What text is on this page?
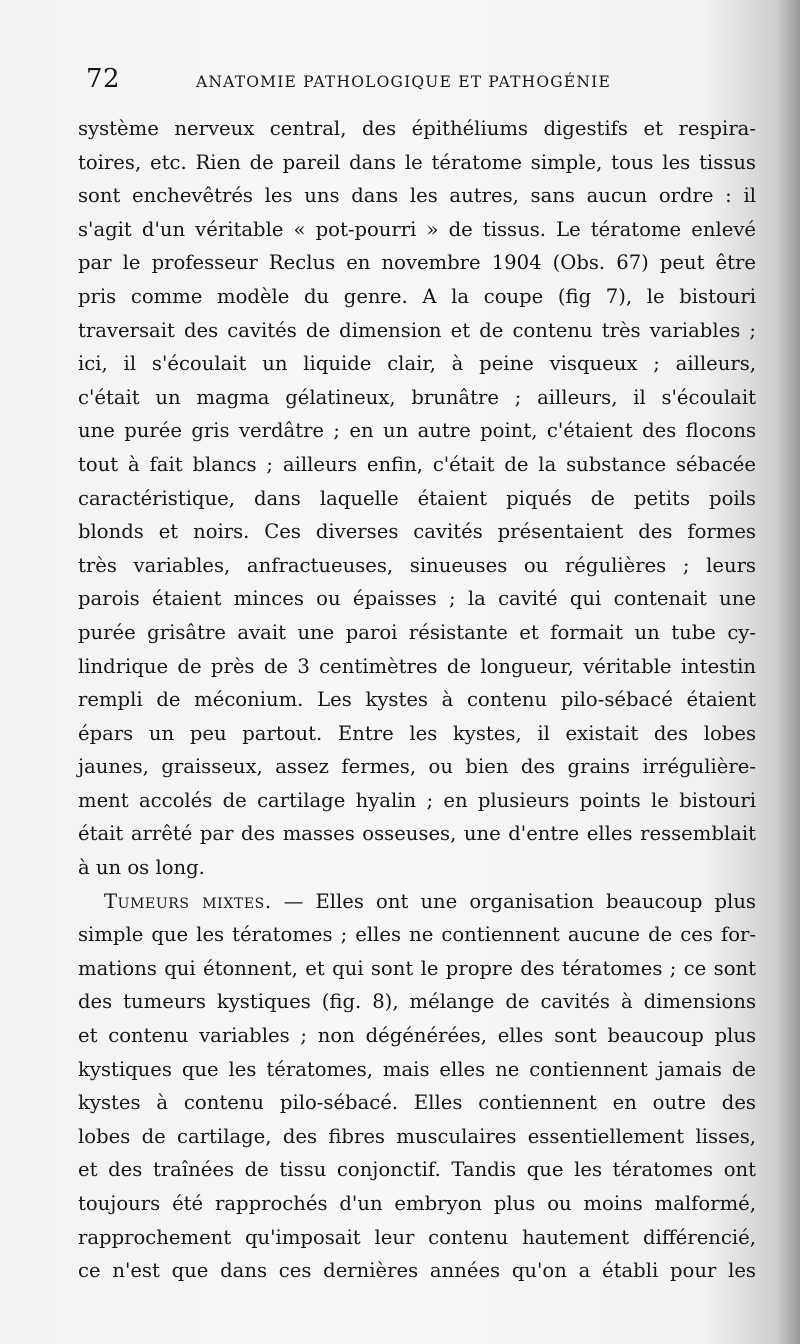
72	ANATOMIE PATHOLOGIQUE ET PATHOGÉNIE
système nerveux central, des épithéliums digestifs et respira-
toires, etc. Rien de pareil dans le tératome simple, tous les tissus
sont enchevêtrés les uns dans les autres, sans aucun ordre : il
s'agit d'un véritable « pot-pourri » de tissus. Le tératome enlevé
par le professeur Reclus en novembre 1904 (Obs. 67) peut être
pris comme modèle du genre. A la coupe (fig 7), le bistouri
traversait des cavités de dimension et de contenu très variables ;
ici, il s'écoulait un liquide clair, à peine visqueux ; ailleurs,
c'était un magma gélatineux, brunâtre ; ailleurs, il s'écoulait
une purée gris verdâtre ; en un autre point, c'étaient des flocons
tout à fait blancs ; ailleurs enfin, c'était de la substance sébacée
caractéristique, dans laquelle étaient piqués de petits poils
blonds et noirs. Ces diverses cavités présentaient des formes
très variables, anfractueuses, sinueuses ou régulières ; leurs
parois étaient minces ou épaisses ; la cavité qui contenait une
purée grisâtre avait une paroi résistante et formait un tube cy-
lindrique de près de 3 centimètres de longueur, véritable intestin
rempli de méconium. Les kystes à contenu pilo-sébacé étaient
épars un peu partout. Entre les kystes, il existait des lobes
jaunes, graisseux, assez fermes, ou bien des grains irrégulière-
ment accolés de cartilage hyalin ; en plusieurs points le bistouri
était arrêté par des masses osseuses, une d'entre elles ressemblait
à un os long.
Tumeurs mixtes. — Elles ont une organisation beaucoup plus
simple que les tératomes ; elles ne contiennent aucune de ces for-
mations qui étonnent, et qui sont le propre des tératomes ; ce sont
des tumeurs kystiques (fig. 8), mélange de cavités à dimensions
et contenu variables ; non dégénérées, elles sont beaucoup plus
kystiques que les tératomes, mais elles ne contiennent jamais de
kystes à contenu pilo-sébacé. Elles contiennent en outre des
lobes de cartilage, des fibres musculaires essentiellement lisses,
et des traînées de tissu conjonctif. Tandis que les tératomes ont
toujours été rapprochés d'un embryon plus ou moins malformé,
rapprochement qu'imposait leur contenu hautement différencié,
ce n'est que dans ces dernières années qu'on a établi pour les
